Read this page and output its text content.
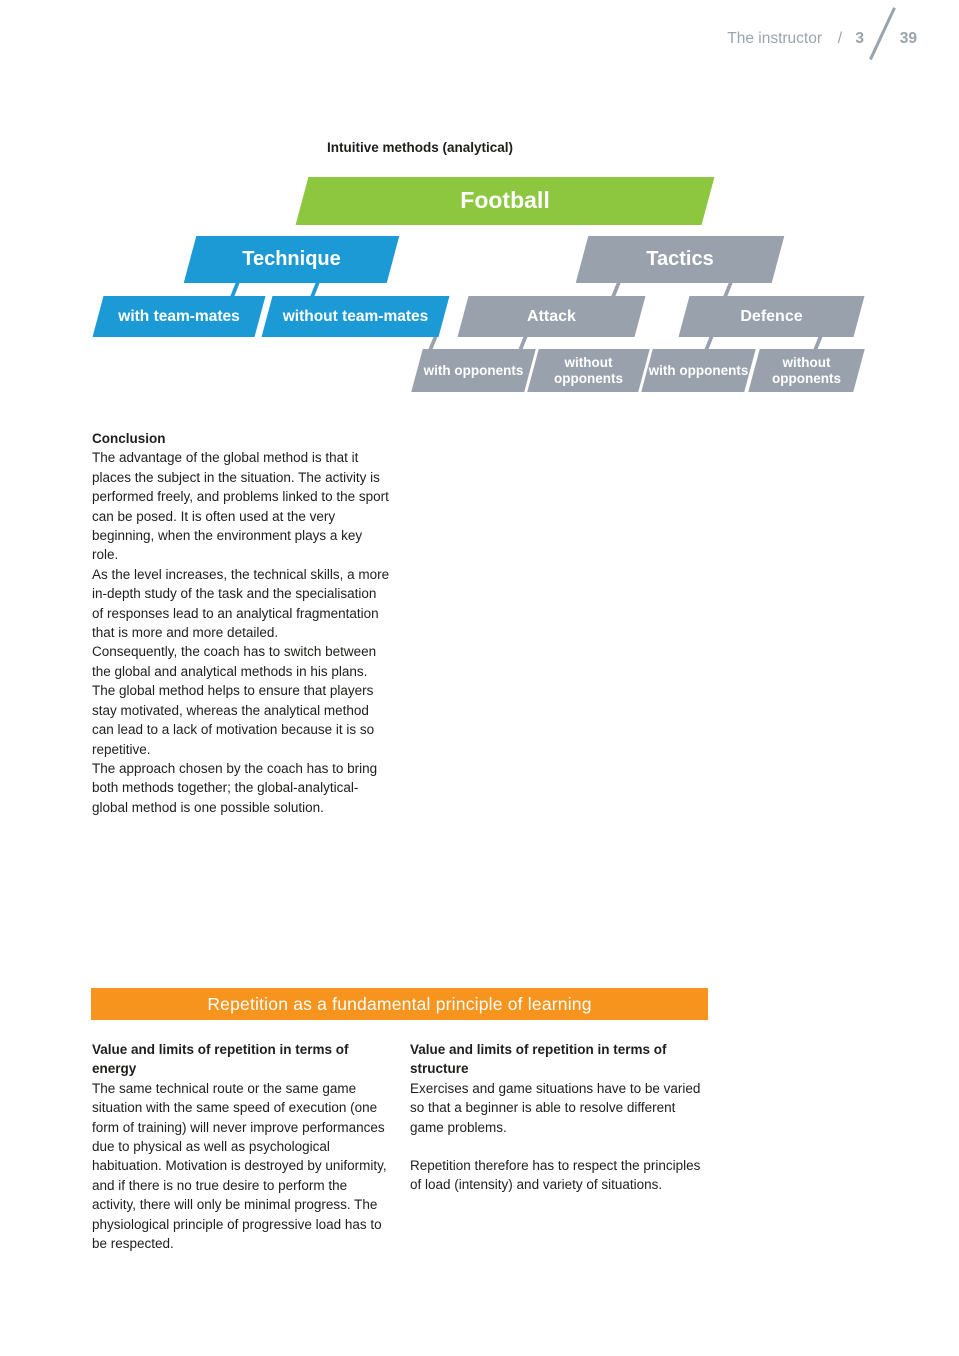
The instructor / 3 39
Intuitive methods (analytical)
Football
Technique	Tactics
with team-mates	without team-mates	Attack	Defence
with opponents
without opponents
with opponents
without opponents

Conclusion

The advantage of the global method is that it places the subject in the situation. The activity is performed freely, and problems linked to the sport can be posed. It is often used at the very beginning, when the environment plays a key role.

As the level increases, the technical skills, a more in-depth study of the task and the specialisation of responses lead to an analytical fragmentation that is more and more detailed.

Consequently, the coach has to switch between the global and analytical methods in his plans.

The global method helps to ensure that players stay motivated, whereas the analytical method can lead to a lack of motivation because it is so repetitive.

The approach chosen by the coach has to bring both methods together; the global-analytical-global method is one possible solution.

Repetition as a fundamental principle of learning

Value and limits of repetition in terms of energy

The same technical route or the same game situation with the same speed of execution (one form of training) will never improve performances due to physical as well as psychological habituation. Motivation is destroyed by uniformity, and if there is no true desire to perform the activity, there will only be minimal progress. The physiological principle of progressive load has to be respected.

Value and limits of repetition in terms of structure

Exercises and game situations have to be varied so that a beginner is able to resolve different game problems.

Repetition therefore has to respect the principles of load (intensity) and variety of situations.
